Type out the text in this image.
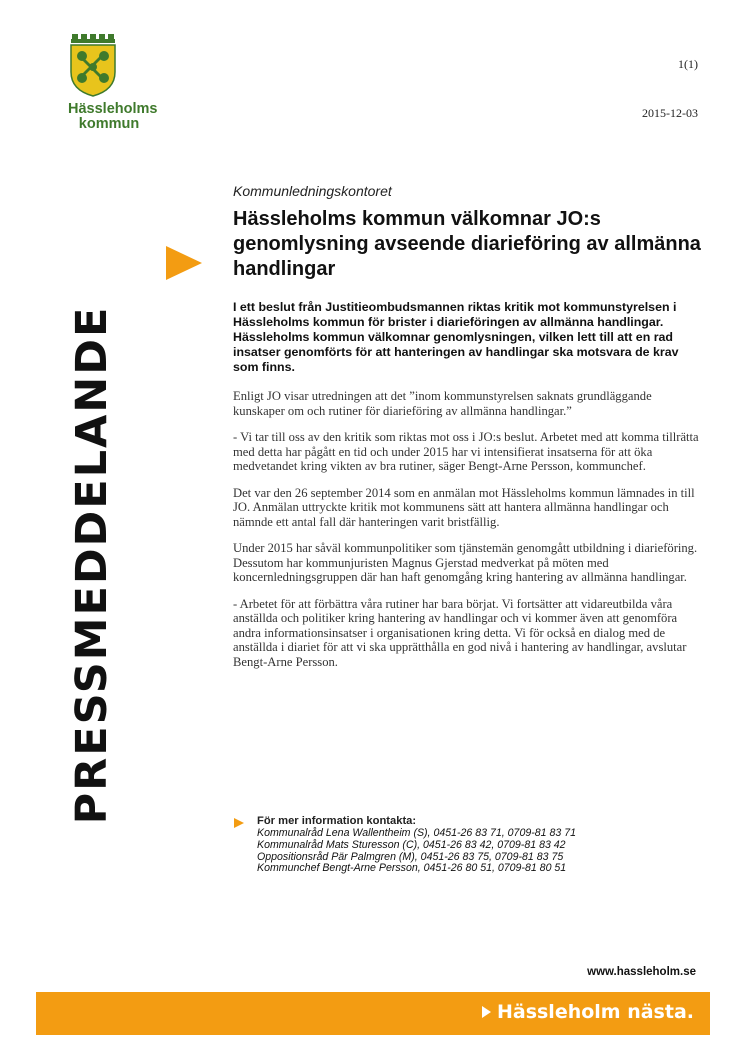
Hässleholms
kommun
1(1)
2015-12-03
PRESSMEDDELANDE
Kommunledningskontoret
Hässleholms kommun välkomnar JO:s genomlysning avseende diarieföring av allmänna handlingar
I ett beslut från Justitieombudsmannen riktas kritik mot kommunstyrelsen i Hässleholms kommun för brister i diarieföringen av allmänna handlingar. Hässleholms kommun välkomnar genomlysningen, vilken lett till att en rad insatser genomförts för att hanteringen av handlingar ska motsvara de krav som finns.

Enligt JO visar utredningen att det ”inom kommunstyrelsen saknats grundläggande kunskaper om och rutiner för diarieföring av allmänna handlingar.”

- Vi tar till oss av den kritik som riktas mot oss i JO:s beslut. Arbetet med att komma tillrätta med detta har pågått en tid och under 2015 har vi intensifierat insatserna för att öka medvetandet kring vikten av bra rutiner, säger Bengt-Arne Persson, kommunchef.

Det var den 26 september 2014 som en anmälan mot Hässleholms kommun lämnades in till JO. Anmälan uttryckte kritik mot kommunens sätt att hantera allmänna handlingar och nämnde ett antal fall där hanteringen varit bristfällig.

Under 2015 har såväl kommunpolitiker som tjänstemän genomgått utbildning i diarieföring. Dessutom har kommunjuristen Magnus Gjerstad medverkat på möten med koncernledningsgruppen där han haft genomgång kring hantering av allmänna handlingar.

- Arbetet för att förbättra våra rutiner har bara börjat. Vi fortsätter att vidareutbilda våra anställda och politiker kring hantering av handlingar och vi kommer även att genomföra andra informationsinsatser i organisationen kring detta. Vi för också en dialog med de anställda i diariet för att vi ska upprätthålla en god nivå i hantering av handlingar, avslutar Bengt-Arne Persson.

För mer information kontakta:
Kommunalråd Lena Wallentheim (S), 0451-26 83 71, 0709-81 83 71
Kommunalråd Mats Sturesson (C), 0451-26 83 42, 0709-81 83 42
Oppositionsråd Pär Palmgren (M), 0451-26 83 75, 0709-81 83 75
Kommunchef Bengt-Arne Persson, 0451-26 80 51, 0709-81 80 51
www.hassleholm.se
Hässleholm nästa.
